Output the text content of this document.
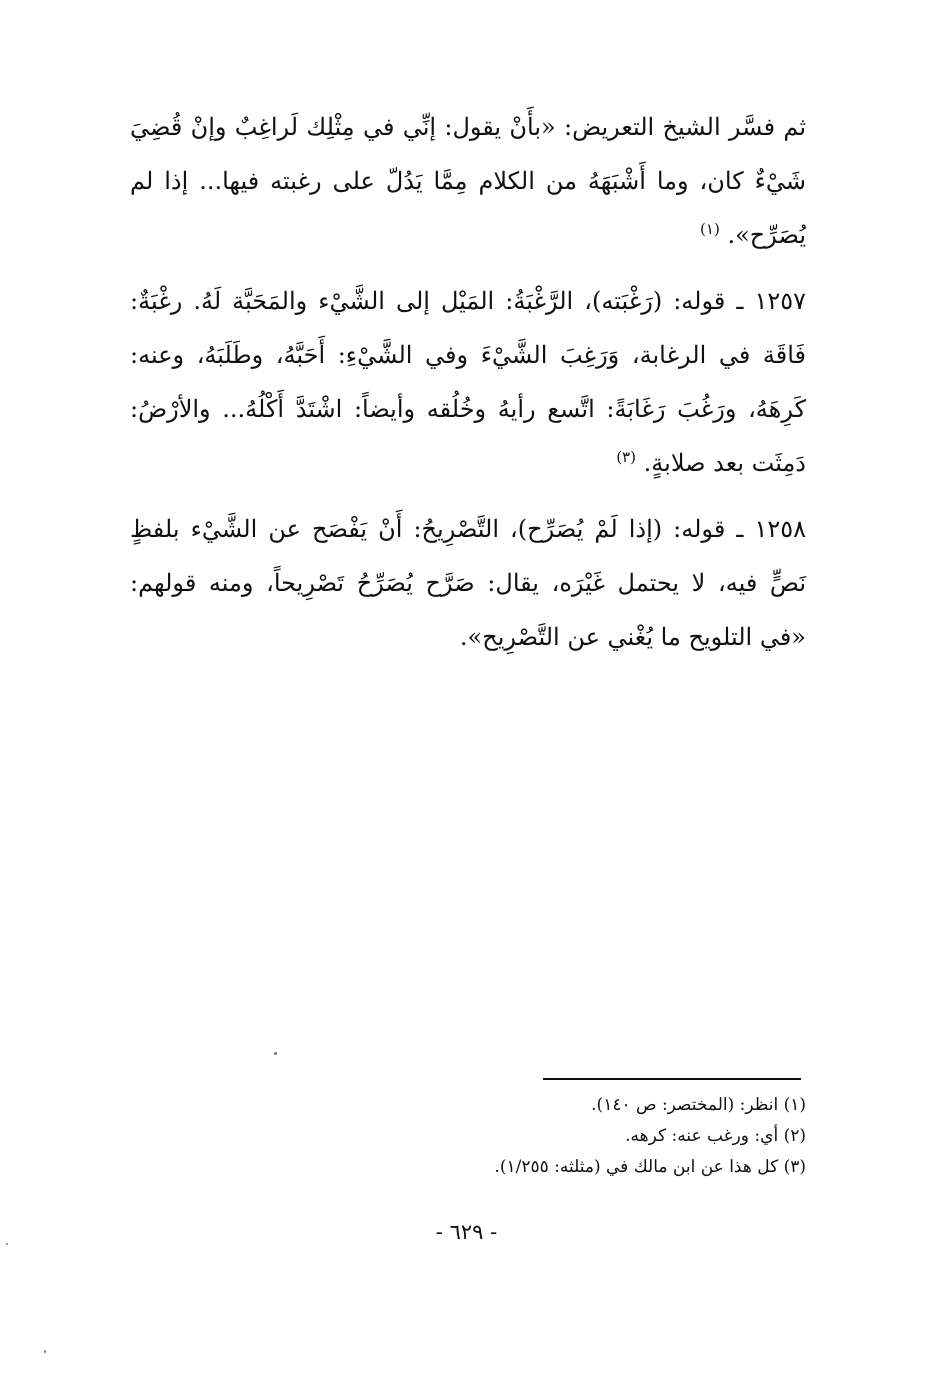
ثم فسَّر الشيخ التعريض: «بأَنْ يقول: إنِّي في مِثْلِك لَراغِبٌ وإنْ قُضِيَ شَيْءٌ كان، وما أَشْبَهَهُ من الكلام مِمَّا يَدُلّ على رغبته فيها... إذا لم يُصَرِّح». $^{(١)}$

١٢٥٧ ـ قوله: (رَغْبَته)، الرَّغْبَةُ: المَيْل إلى الشَّيْء والمَحَبَّة لَهُ. رغْبَةٌ: فَاقَة في الرغابة، وَرَغِبَ الشَّيْءَ وفي الشَّيْءِ: أَحَبَّهُ، وطَلَبَهُ، وعنه: كَرِهَهُ، ورَغُبَ رَغَابَةً: اتَّسع رأيهُ وخُلُقه وأيضاً: اشْتَدَّ أَكْلُهُ... والأرْضُ: دَمِثَت بعد صلابةٍ. $^{(٣)}$

١٢٥٨ ـ قوله: (إذا لَمْ يُصَرِّح)، التَّصْرِيحُ: أَنْ يَفْصَح عن الشَّيْء بلفظٍ نَصٍّ فيه، لا يحتمل غَيْرَه، يقال: صَرَّح يُصَرِّحُ تَصْرِيحاً، ومنه قولهم: «في التلويح ما يُغْني عن التَّصْرِيح».

(١) انظر: (المختصر: ص ١٤٠).

(٢) أي: ورغب عنه: كرهه.

(٣) كل هذا عن ابن مالك في (مثلثه: ١/٢٥٥).

- ٦٢٩ -
